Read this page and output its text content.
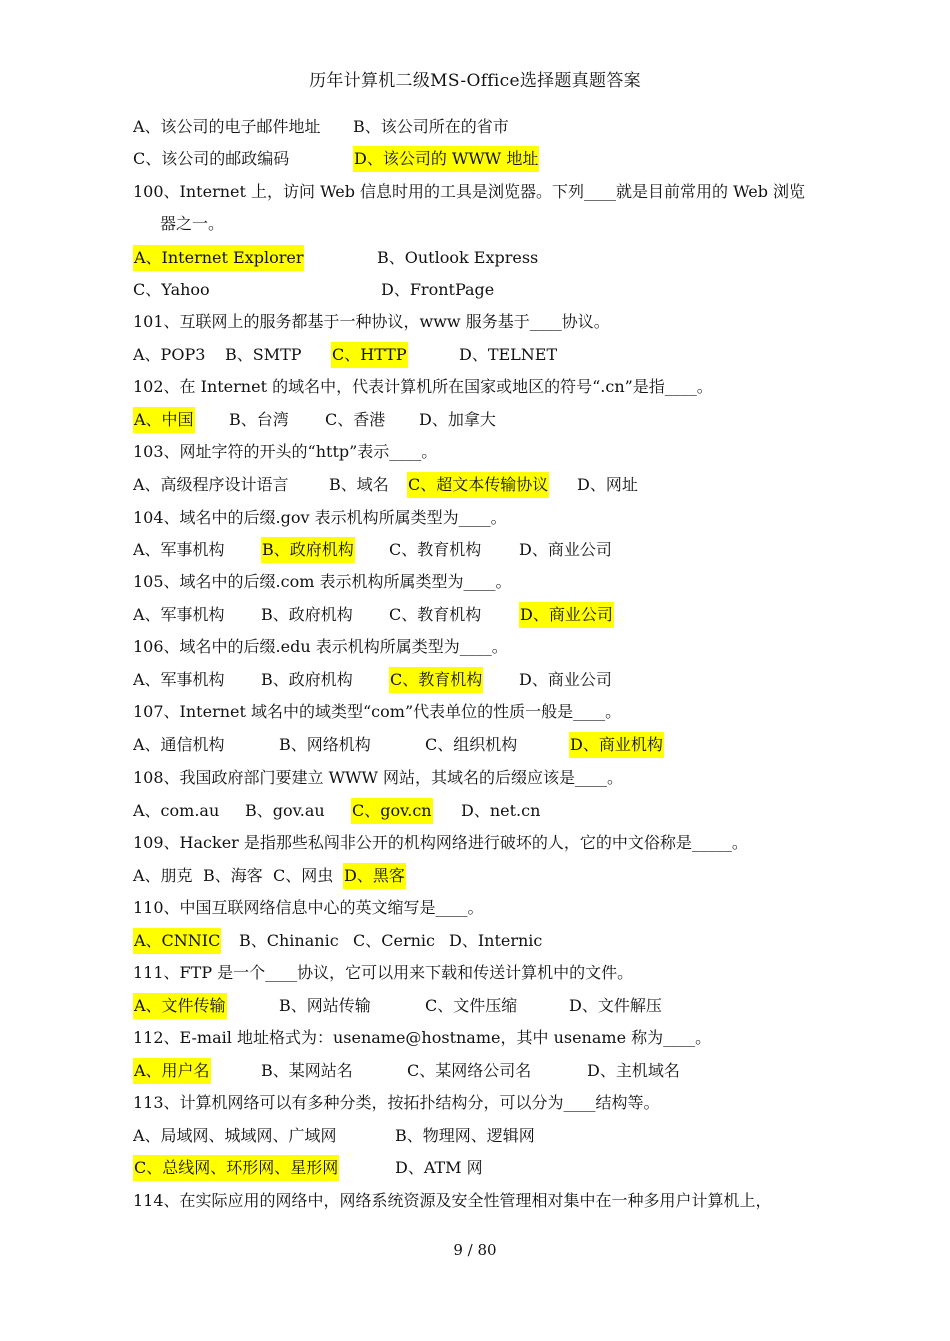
历年计算机二级MS-Office选择题真题答案
A、该公司的电子邮件地址 B、该公司所在的省市
C、该公司的邮政编码	D、该公司的 WWW 地址
100、Internet 上，访问 Web 信息时用的工具是浏览器。下列____就是目前常用的 Web 浏览
器之一。
A、Internet Explorer	B、Outlook Express
C、Yahoo	D、FrontPage
101、互联网上的服务都基于一种协议，www 服务基于____协议。
A、POP3 B、SMTP C、HTTP	D、TELNET
102、在 Internet 的域名中，代表计算机所在国家或地区的符号“.cn”是指____。
A、中国 B、台湾 C、香港 D、加拿大
103、网址字符的开头的“http”表示____。
A、高级程序设计语言	B、域名 C、超文本传输协议 D、网址
104、域名中的后缀.gov 表示机构所属类型为____。
A、军事机构 B、政府机构 C、教育机构 D、商业公司
105、域名中的后缀.com 表示机构所属类型为____。
A、军事机构 B、政府机构 C、教育机构 D、商业公司
106、域名中的后缀.edu 表示机构所属类型为____。
A、军事机构 B、政府机构 C、教育机构 D、商业公司
107、Internet 域名中的域类型“com”代表单位的性质一般是____。
A、通信机构	B、网络机构	C、组织机构	D、商业机构
108、我国政府部门要建立 WWW 网站，其域名的后缀应该是____。
A、com.au B、gov.au C、gov.cn D、net.cn
109、Hacker 是指那些私闯非公开的机构网络进行破坏的人，它的中文俗称是_____。
A、朋克 B、海客 C、网虫 D、黑客
110、中国互联网络信息中心的英文缩写是____。
A、CNNIC B、Chinanic C、Cernic D、Internic
111、FTP 是一个____协议，它可以用来下载和传送计算机中的文件。
A、文件传输	B、网站传输	C、文件压缩	D、文件解压
112、E-mail 地址格式为：usename@hostname，其中 usename 称为____。
A、用户名	B、某网站名	C、某网络公司名	D、主机域名
113、计算机网络可以有多种分类，按拓扑结构分，可以分为____结构等。
A、局域网、城域网、广域网	B、物理网、逻辑网
C、总线网、环形网、星形网	D、ATM 网
114、在实际应用的网络中，网络系统资源及安全性管理相对集中在一种多用户计算机上，
9 / 80
